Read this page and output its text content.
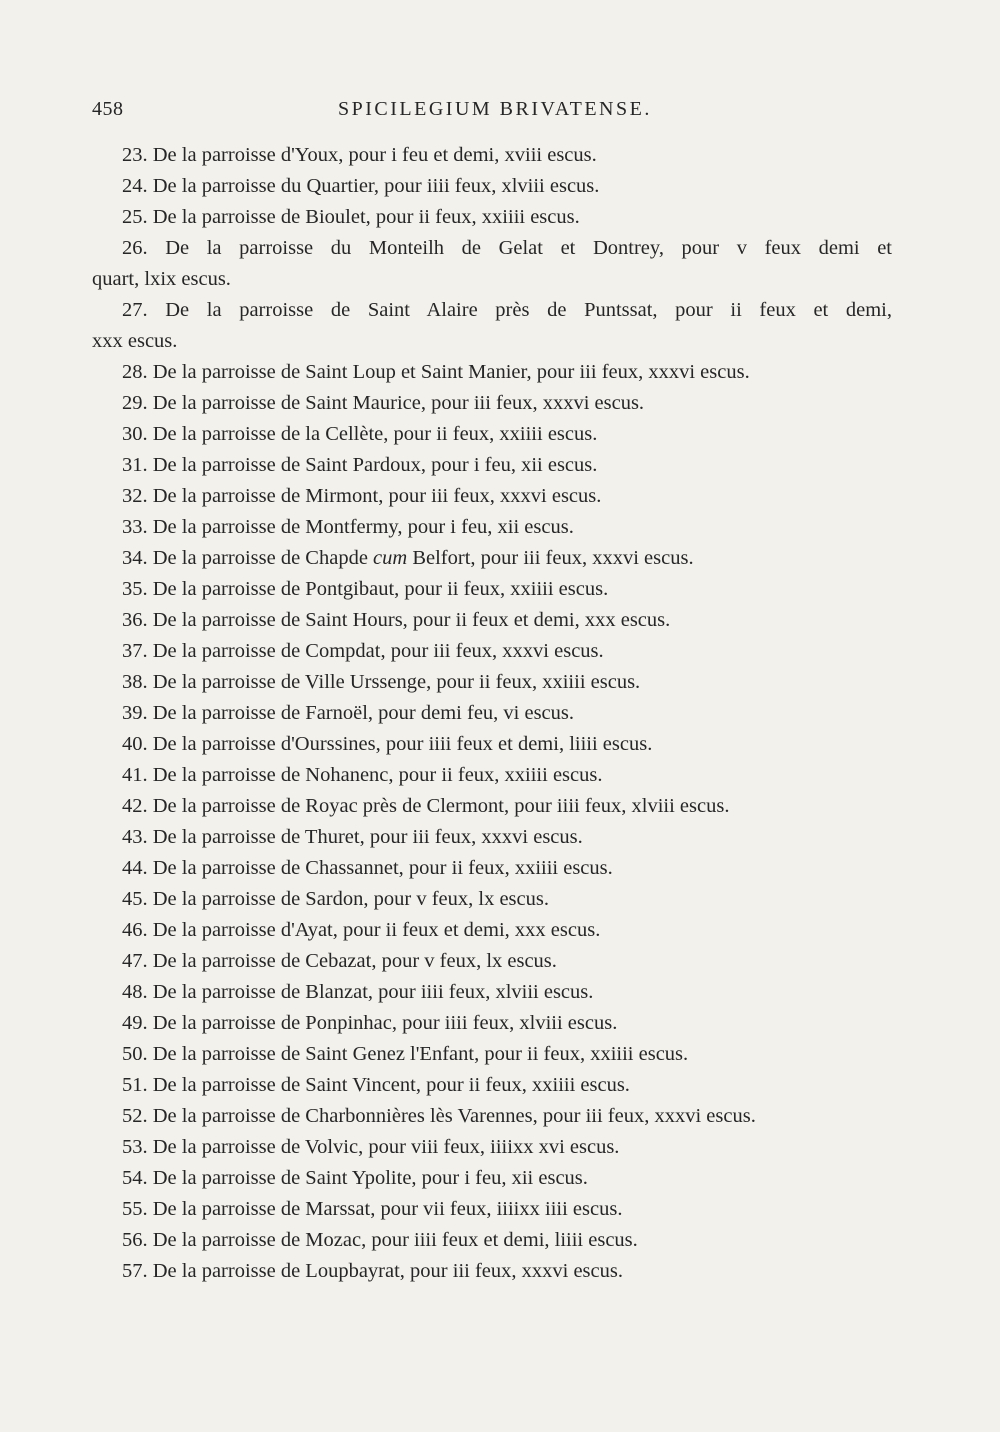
458	SPICILEGIUM BRIVATENSE.

23. De la parroisse d'Youx, pour i feu et demi, xviii escus.

24. De la parroisse du Quartier, pour iiii feux, xlviii escus.

25. De la parroisse de Bioulet, pour ii feux, xxiiii escus.

26. De la parroisse du Monteilh de Gelat et Dontrey, pour v feux demi et
quart, lxix escus.

27. De la parroisse de Saint Alaire près de Puntssat, pour ii feux et demi,
xxx escus.

28. De la parroisse de Saint Loup et Saint Manier, pour iii feux, xxxvi escus.

29. De la parroisse de Saint Maurice, pour iii feux, xxxvi escus.

30. De la parroisse de la Cellète, pour ii feux, xxiiii escus.

31. De la parroisse de Saint Pardoux, pour i feu, xii escus.

32. De la parroisse de Mirmont, pour iii feux, xxxvi escus.

33. De la parroisse de Montfermy, pour i feu, xii escus.

34. De la parroisse de Chapde cum Belfort, pour iii feux, xxxvi escus.

35. De la parroisse de Pontgibaut, pour ii feux, xxiiii escus.

36. De la parroisse de Saint Hours, pour ii feux et demi, xxx escus.

37. De la parroisse de Compdat, pour iii feux, xxxvi escus.

38. De la parroisse de Ville Urssenge, pour ii feux, xxiiii escus.

39. De la parroisse de Farnoël, pour demi feu, vi escus.

40. De la parroisse d'Ourssines, pour iiii feux et demi, liiii escus.

41. De la parroisse de Nohanenc, pour ii feux, xxiiii escus.

42. De la parroisse de Royac près de Clermont, pour iiii feux, xlviii escus.

43. De la parroisse de Thuret, pour iii feux, xxxvi escus.

44. De la parroisse de Chassannet, pour ii feux, xxiiii escus.

45. De la parroisse de Sardon, pour v feux, lx escus.

46. De la parroisse d'Ayat, pour ii feux et demi, xxx escus.

47. De la parroisse de Cebazat, pour v feux, lx escus.

48. De la parroisse de Blanzat, pour iiii feux, xlviii escus.

49. De la parroisse de Ponpinhac, pour iiii feux, xlviii escus.

50. De la parroisse de Saint Genez l'Enfant, pour ii feux, xxiiii escus.

51. De la parroisse de Saint Vincent, pour ii feux, xxiiii escus.

52. De la parroisse de Charbonnières lès Varennes, pour iii feux, xxxvi escus.

53. De la parroisse de Volvic, pour viii feux, iiiixx xvi escus.

54. De la parroisse de Saint Ypolite, pour i feu, xii escus.

55. De la parroisse de Marssat, pour vii feux, iiiixx iiii escus.

56. De la parroisse de Mozac, pour iiii feux et demi, liiii escus.

57. De la parroisse de Loupbayrat, pour iii feux, xxxvi escus.
